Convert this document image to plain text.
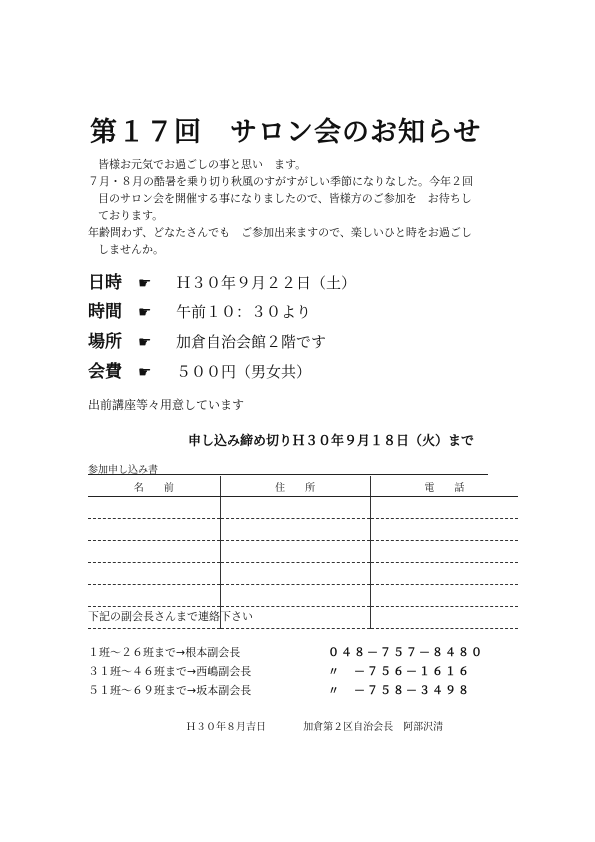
第１７回　サロン会のお知らせ

皆様お元気でお過ごしの事と思い　ます。

７月・８月の酷暑を乗り切り秋風のすがすがしい季節になりなした。今年２回

目のサロン会を開催する事になりましたので、皆様方のご参加を　お待ちし

ております。

年齢問わず、どなたさんでも　ご参加出来ますので、楽しいひと時をお過ごし

しませんか。

日時	☛	Ｈ３０年９月２２日（土）
時間	☛	午前１０：３０より
場所	☛	加倉自治会館２階です
会費	☛	５００円（男女共）
出前講座等々用意しています
申し込み締め切りＨ３０年９月１８日（火）まで
参加申し込み書
名　　前	住　　所	電　　話

下記の副会長さんまで連絡下さい
１班～２６班まで→根本副会長	０４８－７５７－８４８０
３１班～４６班まで→西嶋副会長	〃　－７５６－１６１６
５１班～６９班まで→坂本副会長	〃　－７５８－３４９８
Ｈ３０年８月吉日	加倉第２区自治会長　阿部沢清
